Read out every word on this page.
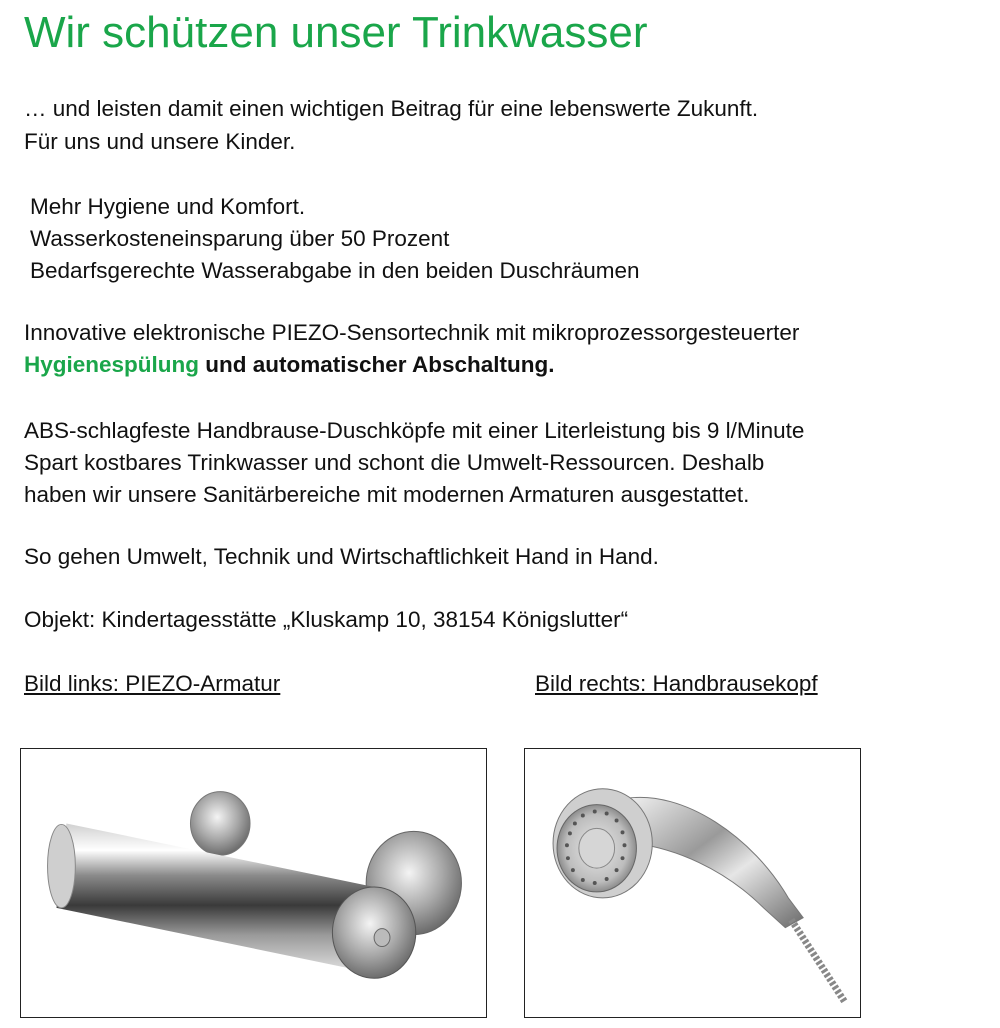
Wir schützen unser Trinkwasser
… und leisten damit einen wichtigen Beitrag für eine lebenswerte Zukunft.
Für uns und unsere Kinder.
Mehr Hygiene und Komfort.
Wasserkosteneinsparung über 50 Prozent
Bedarfsgerechte Wasserabgabe in den beiden Duschräumen
Innovative elektronische PIEZO-Sensortechnik mit mikroprozessorgesteuerter
Hygienespülung und automatischer Abschaltung.
ABS-schlagfeste Handbrause-Duschköpfe mit einer Literleistung bis 9 l/Minute
Spart kostbares Trinkwasser und schont die Umwelt-Ressourcen. Deshalb
haben wir unsere Sanitärbereiche mit modernen Armaturen ausgestattet.
So gehen Umwelt, Technik und Wirtschaftlichkeit Hand in Hand.
Objekt: Kindertagesstätte „Kluskamp 10, 38154 Königslutter“
Bild links: PIEZO-Armatur	Bild rechts: Handbrausekopf
